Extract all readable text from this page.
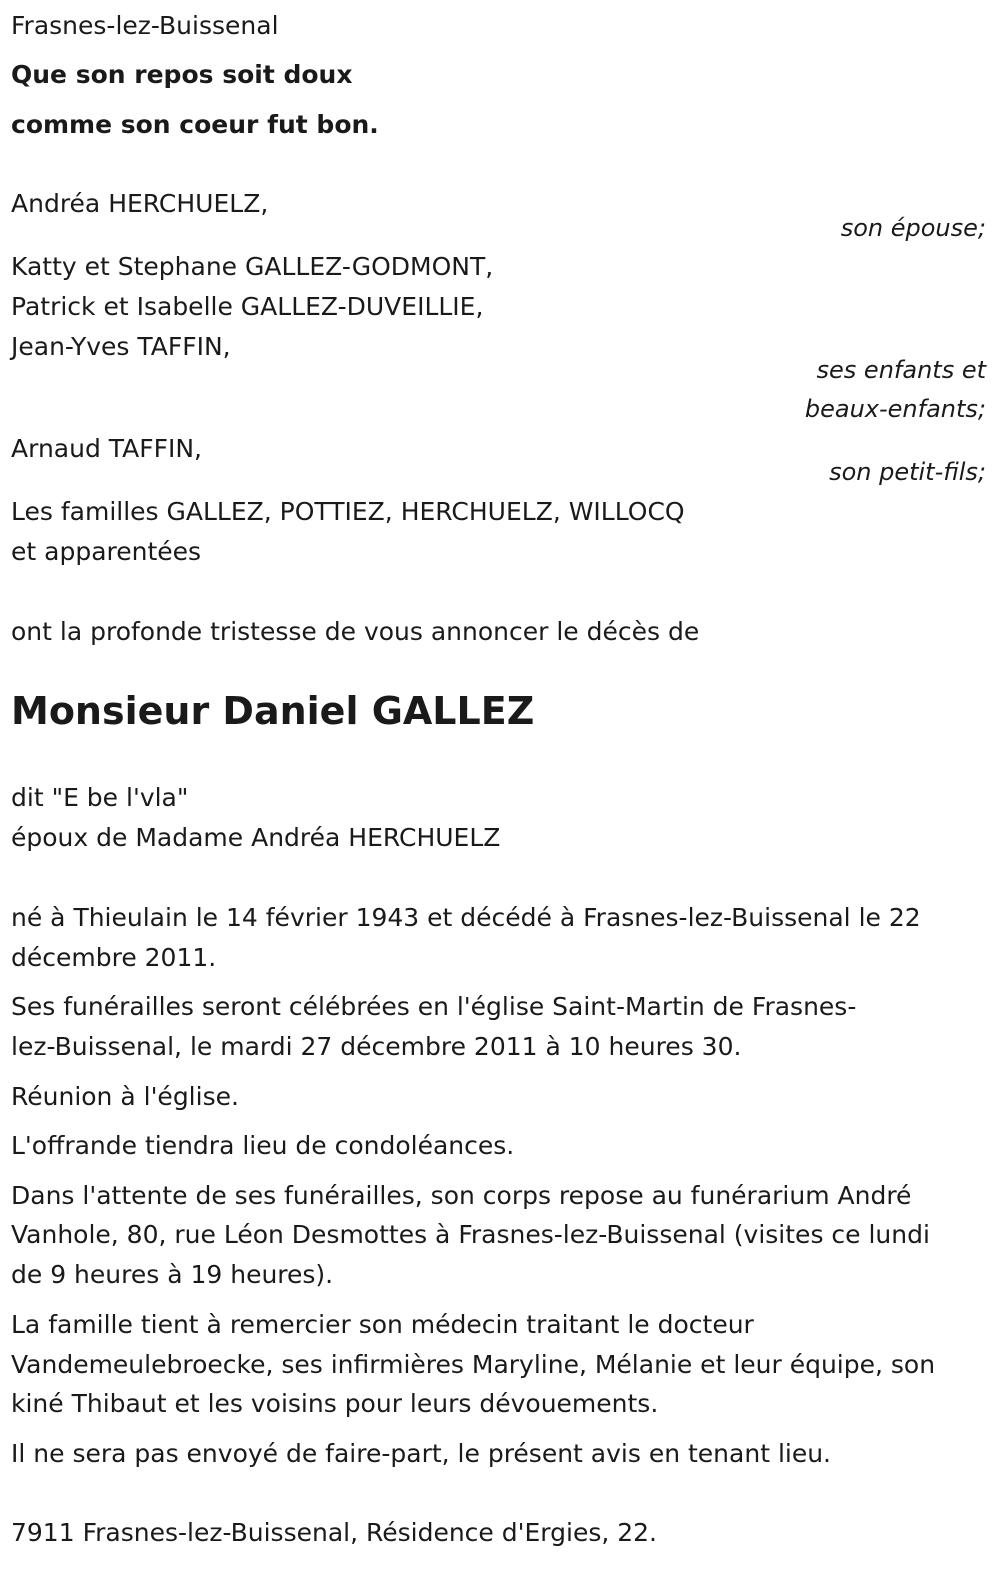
Frasnes-lez-Buissenal
Que son repos soit doux
comme son coeur fut bon.
Andréa HERCHUELZ,
son épouse;
Katty et Stephane GALLEZ-GODMONT,
Patrick et Isabelle GALLEZ-DUVEILLIE,
Jean-Yves TAFFIN,
ses enfants et
beaux-enfants;
Arnaud TAFFIN,
son petit-fils;
Les familles GALLEZ, POTTIEZ, HERCHUELZ, WILLOCQ
et apparentées
ont la profonde tristesse de vous annoncer le décès de
Monsieur Daniel GALLEZ
dit "E be l'vla"
époux de Madame Andréa HERCHUELZ
né à Thieulain le 14 février 1943 et décédé à Frasnes-lez-Buissenal le 22
décembre 2011.
Ses funérailles seront célébrées en l'église Saint-Martin de Frasnes-
lez-Buissenal, le mardi 27 décembre 2011 à 10 heures 30.
Réunion à l'église.
L'offrande tiendra lieu de condoléances.
Dans l'attente de ses funérailles, son corps repose au funérarium André
Vanhole, 80, rue Léon Desmottes à Frasnes-lez-Buissenal (visites ce lundi
de 9 heures à 19 heures).
La famille tient à remercier son médecin traitant le docteur
Vandemeulebroecke, ses infirmières Maryline, Mélanie et leur équipe, son
kiné Thibaut et les voisins pour leurs dévouements.
Il ne sera pas envoyé de faire-part, le présent avis en tenant lieu.
7911 Frasnes-lez-Buissenal, Résidence d'Ergies, 22.
